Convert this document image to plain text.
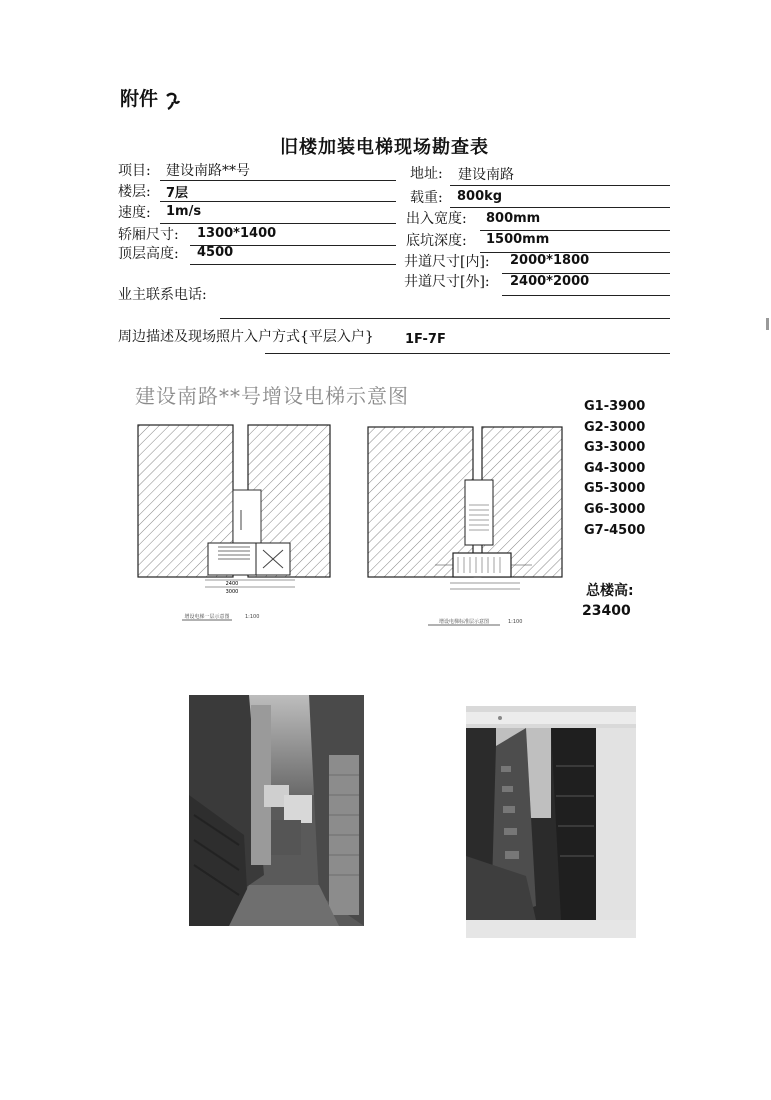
附件
旧楼加装电梯现场勘查表
项目: 建设南路**号
楼层: 7层
速度: 1m/s
轿厢尺寸: 1300*1400
顶层高度: 4500
地址: 建设南路
载重: 800kg
出入宽度: 800mm
底坑深度: 1500mm
井道尺寸[内]: 2000*1800
井道尺寸[外]: 2400*2000
业主联系电话:
周边描述及现场照片入户方式{平层入户} 1F-7F
建设南路**号增设电梯示意图
2400
3000
增设电梯一层示意图	1:100
增设电梯标准层示意图	1:100
G1-3900
G2-3000
G3-3000
G4-3000
G5-3000
G6-3000
G7-4500
总楼高:
23400
